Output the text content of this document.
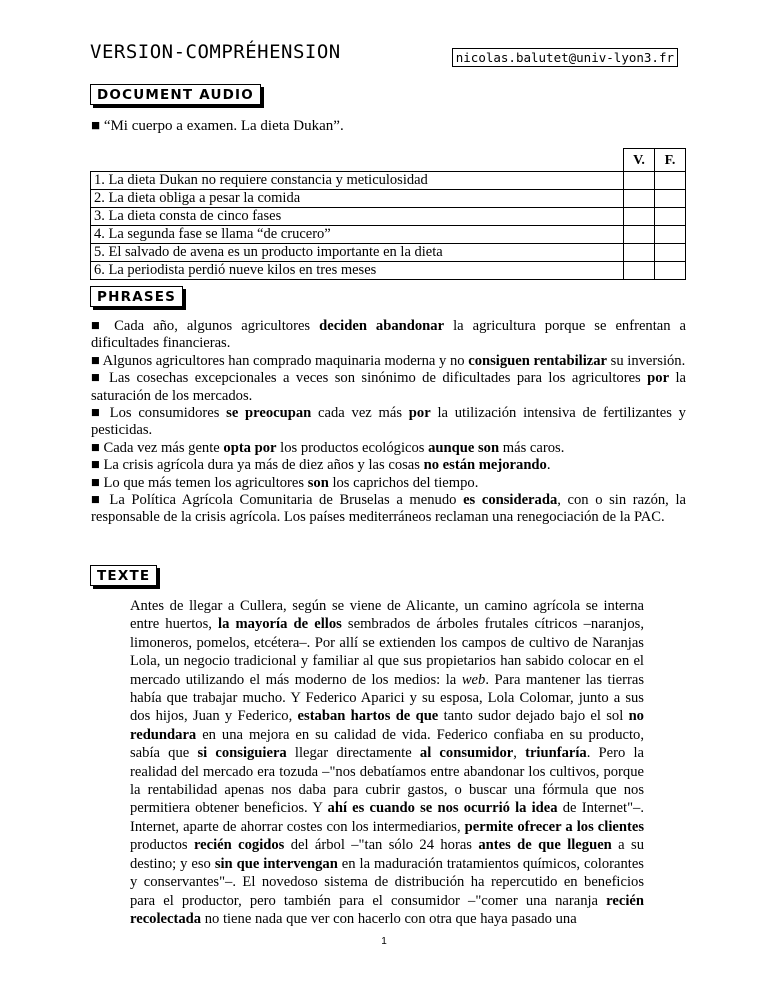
VERSION-COMPRÉHENSION	nicolas.balutet@univ-lyon3.fr
DOCUMENT AUDIO
■ “Mi cuerpo a examen. La dieta Dukan”.
	V.	F.
1. La dieta Dukan no requiere constancia y meticulosidad		
2. La dieta obliga a pesar la comida		
3. La dieta consta de cinco fases		
4. La segunda fase se llama “de crucero”		
5. El salvado de avena es un producto importante en la dieta		
6. La periodista perdió nueve kilos en tres meses		
PHRASES

■ Cada año, algunos agricultores deciden abandonar la agricultura porque se enfrentan a dificultades financieras.

■ Algunos agricultores han comprado maquinaria moderna y no consiguen rentabilizar su inversión.

■ Las cosechas excepcionales a veces son sinónimo de dificultades para los agricultores por la saturación de los mercados.

■ Los consumidores se preocupan cada vez más por la utilización intensiva de fertilizantes y pesticidas.

■ Cada vez más gente opta por los productos ecológicos aunque son más caros.

■ La crisis agrícola dura ya más de diez años y las cosas no están mejorando.

■ Lo que más temen los agricultores son los caprichos del tiempo.

■ La Política Agrícola Comunitaria de Bruselas a menudo es considerada, con o sin razón, la responsable de la crisis agrícola. Los países mediterráneos reclaman una renegociación de la PAC.

TEXTE
Antes de llegar a Cullera, según se viene de Alicante, un camino agrícola se interna entre huertos, la mayoría de ellos sembrados de árboles frutales cítricos –naranjos, limoneros, pomelos, etcétera–. Por allí se extienden los campos de cultivo de Naranjas Lola, un negocio tradicional y familiar al que sus propietarios han sabido colocar en el mercado utilizando el más moderno de los medios: la web. Para mantener las tierras había que trabajar mucho. Y Federico Aparici y su esposa, Lola Colomar, junto a sus dos hijos, Juan y Federico, estaban hartos de que tanto sudor dejado bajo el sol no redundara en una mejora en su calidad de vida. Federico confiaba en su producto, sabía que si consiguiera llegar directamente al consumidor, triunfaría. Pero la realidad del mercado era tozuda –"nos debatíamos entre abandonar los cultivos, porque la rentabilidad apenas nos daba para cubrir gastos, o buscar una fórmula que nos permitiera obtener beneficios. Y ahí es cuando se nos ocurrió la idea de Internet"–. Internet, aparte de ahorrar costes con los intermediarios, permite ofrecer a los clientes productos recién cogidos del árbol –"tan sólo 24 horas antes de que lleguen a su destino; y eso sin que intervengan en la maduración tratamientos químicos, colorantes y conservantes"–. El novedoso sistema de distribución ha repercutido en beneficios para el productor, pero también para el consumidor –"comer una naranja recién recolectada no tiene nada que ver con hacerlo con otra que haya pasado una
1
